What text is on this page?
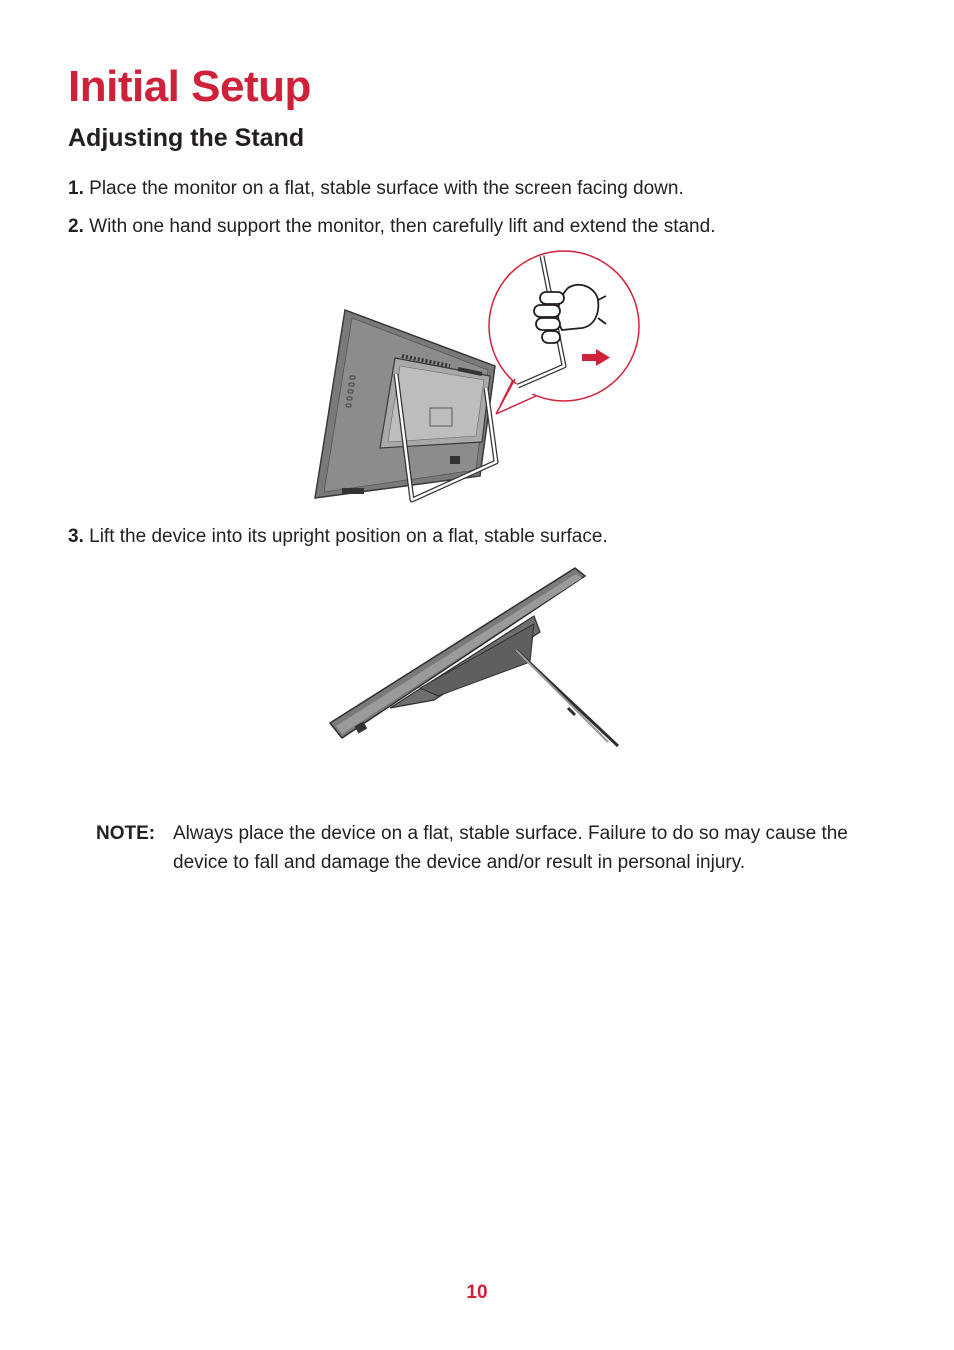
Initial Setup
Adjusting the Stand

1. Place the monitor on a flat, stable surface with the screen facing down.

2. With one hand support the monitor, then carefully lift and extend the stand.

3. Lift the device into its upright position on a flat, stable surface.

NOTE: Always place the device on a flat, stable surface. Failure to do so may cause the device to fall and damage the device and/or result in personal injury.
10
